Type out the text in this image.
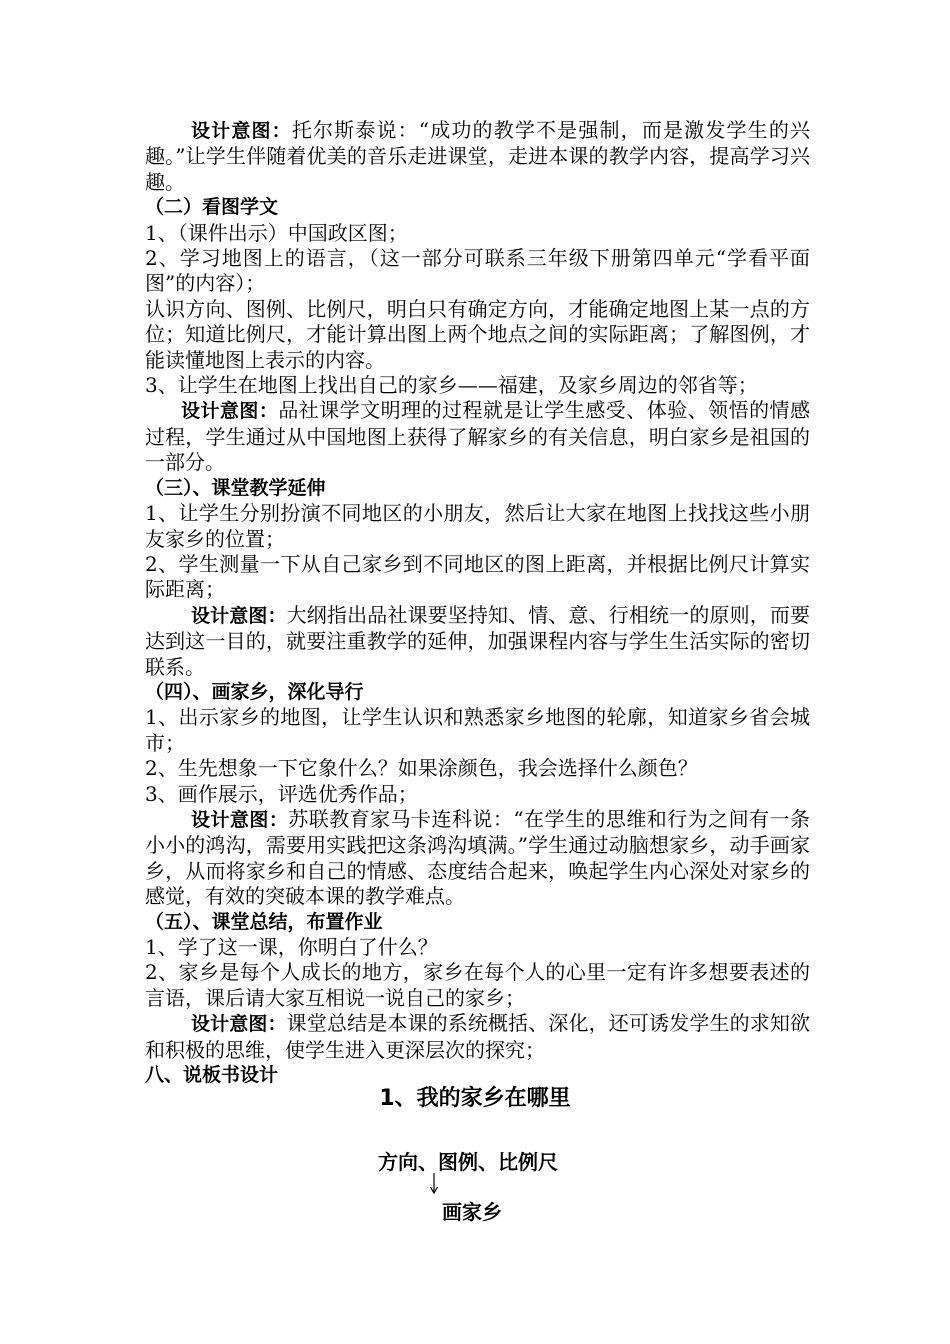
设计意图：托尔斯泰说：“成功的教学不是强制，而是激发学生的兴趣。”让学生伴随着优美的音乐走进课堂，走进本课的教学内容，提高学习兴趣。

（二）看图学文

1、（课件出示）中国政区图；

2、学习地图上的语言，（这一部分可联系三年级下册第四单元“学看平面图”的内容）；

认识方向、图例、比例尺，明白只有确定方向，才能确定地图上某一点的方位；知道比例尺，才能计算出图上两个地点之间的实际距离；了解图例，才能读懂地图上表示的内容。

3、让学生在地图上找出自己的家乡——福建，及家乡周边的邻省等；

设计意图：品社课学文明理的过程就是让学生感受、体验、领悟的情感过程，学生通过从中国地图上获得了解家乡的有关信息，明白家乡是祖国的一部分。

（三）、课堂教学延伸

1、让学生分别扮演不同地区的小朋友，然后让大家在地图上找找这些小朋友家乡的位置；

2、学生测量一下从自己家乡到不同地区的图上距离，并根据比例尺计算实际距离；

设计意图：大纲指出品社课要坚持知、情、意、行相统一的原则，而要达到这一目的，就要注重教学的延伸，加强课程内容与学生生活实际的密切联系。

（四）、画家乡，深化导行

1、出示家乡的地图，让学生认识和熟悉家乡地图的轮廓，知道家乡省会城市；

2、生先想象一下它象什么？如果涂颜色，我会选择什么颜色？

3、画作展示，评选优秀作品；

设计意图：苏联教育家马卡连科说：“在学生的思维和行为之间有一条小小的鸿沟，需要用实践把这条鸿沟填满。”学生通过动脑想家乡，动手画家乡，从而将家乡和自己的情感、态度结合起来，唤起学生内心深处对家乡的感觉，有效的突破本课的教学难点。

（五）、课堂总结，布置作业

1、学了这一课，你明白了什么？

2、家乡是每个人成长的地方，家乡在每个人的心里一定有许多想要表述的言语，课后请大家互相说一说自己的家乡；

设计意图：课堂总结是本课的系统概括、深化，还可诱发学生的求知欲和积极的思维，使学生进入更深层次的探究；

八、说板书设计

1、我的家乡在哪里
方向、图例、比例尺
画家乡
